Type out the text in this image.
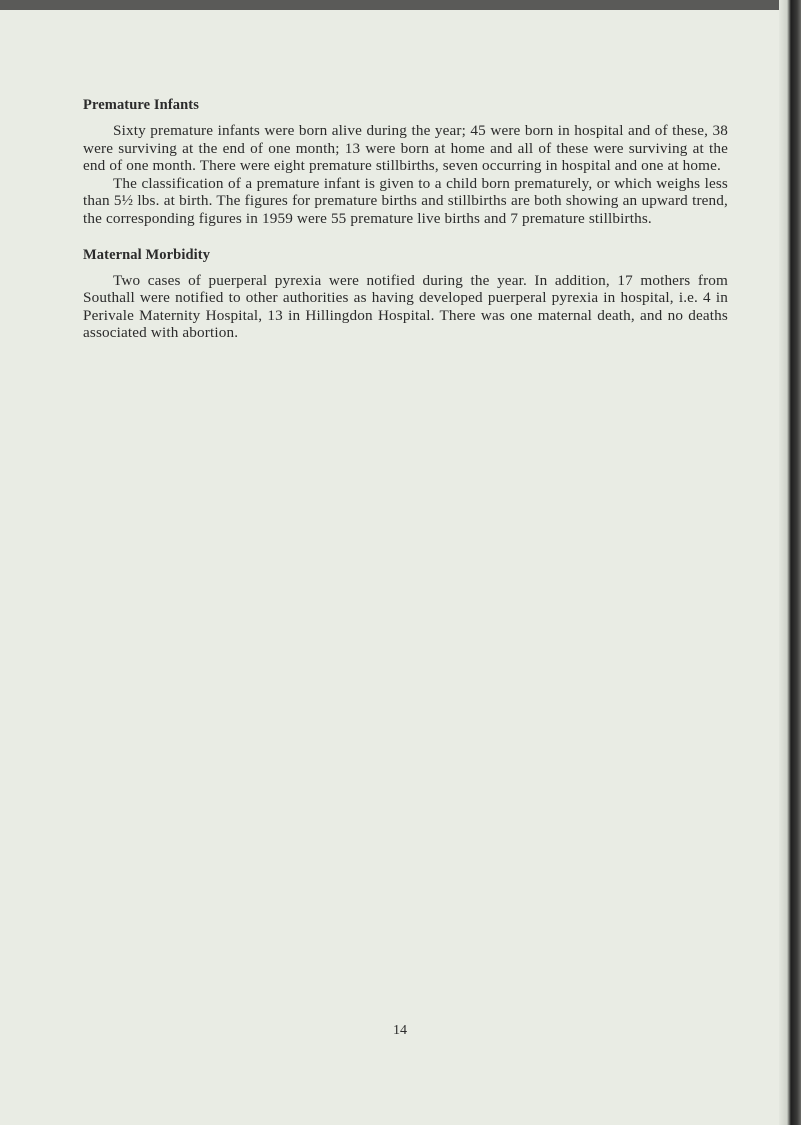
Premature Infants

Sixty premature infants were born alive during the year; 45 were born in hospital and of these, 38 were surviving at the end of one month; 13 were born at home and all of these were surviving at the end of one month. There were eight premature stillbirths, seven occurring in hospital and one at home.

The classification of a premature infant is given to a child born prematurely, or which weighs less than 5½ lbs. at birth. The figures for premature births and stillbirths are both showing an upward trend, the corresponding figures in 1959 were 55 premature live births and 7 premature stillbirths.

Maternal Morbidity

Two cases of puerperal pyrexia were notified during the year. In addition, 17 mothers from Southall were notified to other authorities as having developed puerperal pyrexia in hospital, i.e. 4 in Perivale Maternity Hospital, 13 in Hillingdon Hospital. There was one maternal death, and no deaths associated with abortion.

14
